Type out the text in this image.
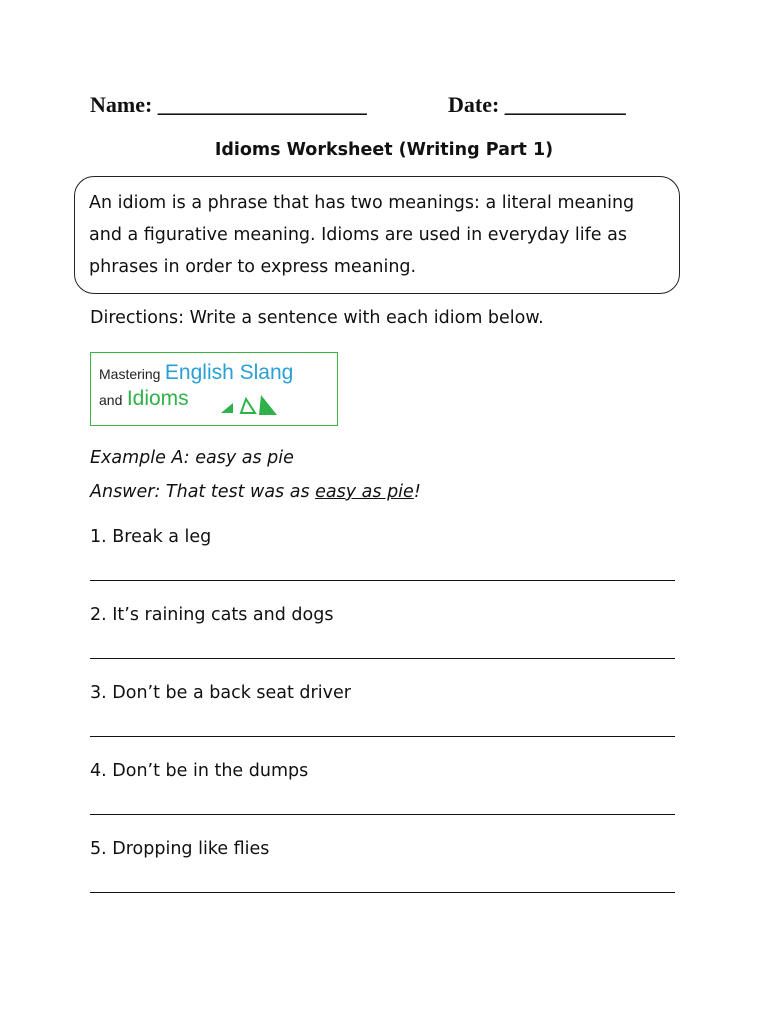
Name: ___________________	Date: ___________
Idioms Worksheet (Writing Part 1)
An idiom is a phrase that has two meanings: a literal meaning
and a figurative meaning. Idioms are used in everyday life as
phrases in order to express meaning.
Directions: Write a sentence with each idiom below.
Mastering English Slang
and Idioms
Example A: easy as pie
Answer: That test was as easy as pie!
1. Break a leg
2. It’s raining cats and dogs
3. Don’t be a back seat driver
4. Don’t be in the dumps
5. Dropping like flies
